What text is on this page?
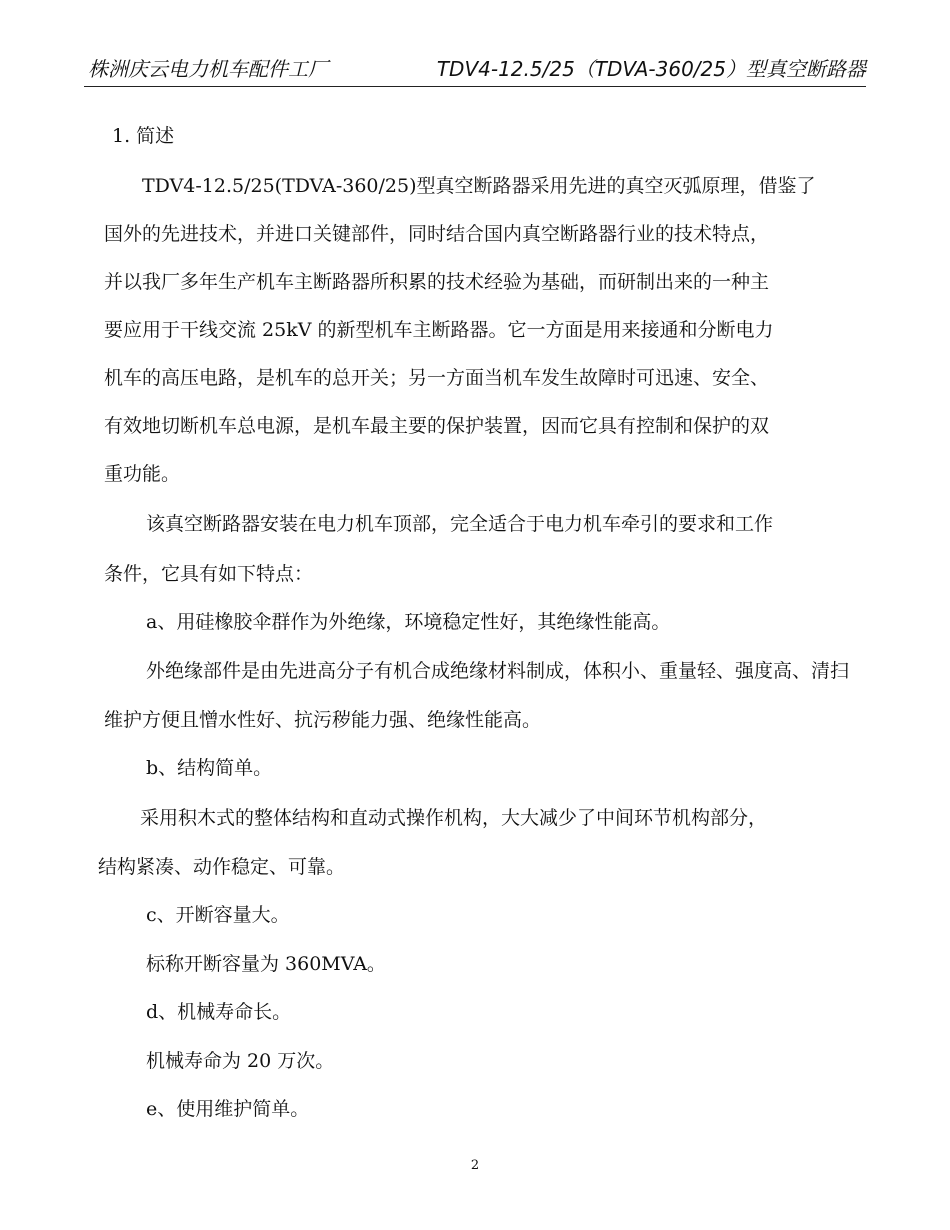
株洲庆云电力机车配件工厂	TDV4-12.5/25（TDVA-360/25）型真空断路器
1. 简述
TDV4-12.5/25(TDVA-360/25)型真空断路器采用先进的真空灭弧原理，借鉴了
国外的先进技术，并进口关键部件，同时结合国内真空断路器行业的技术特点，
并以我厂多年生产机车主断路器所积累的技术经验为基础，而研制出来的一种主
要应用于干线交流 25kV 的新型机车主断路器。它一方面是用来接通和分断电力
机车的高压电路，是机车的总开关；另一方面当机车发生故障时可迅速、安全、
有效地切断机车总电源，是机车最主要的保护装置，因而它具有控制和保护的双
重功能。
该真空断路器安装在电力机车顶部，完全适合于电力机车牵引的要求和工作
条件，它具有如下特点：
a、用硅橡胶伞群作为外绝缘，环境稳定性好，其绝缘性能高。
外绝缘部件是由先进高分子有机合成绝缘材料制成，体积小、重量轻、强度高、清扫
维护方便且憎水性好、抗污秽能力强、绝缘性能高。
b、结构简单。
采用积木式的整体结构和直动式操作机构，大大减少了中间环节机构部分，
结构紧凑、动作稳定、可靠。
c、开断容量大。
标称开断容量为 360MVA。
d、机械寿命长。
机械寿命为 20 万次。
e、使用维护简单。
2
